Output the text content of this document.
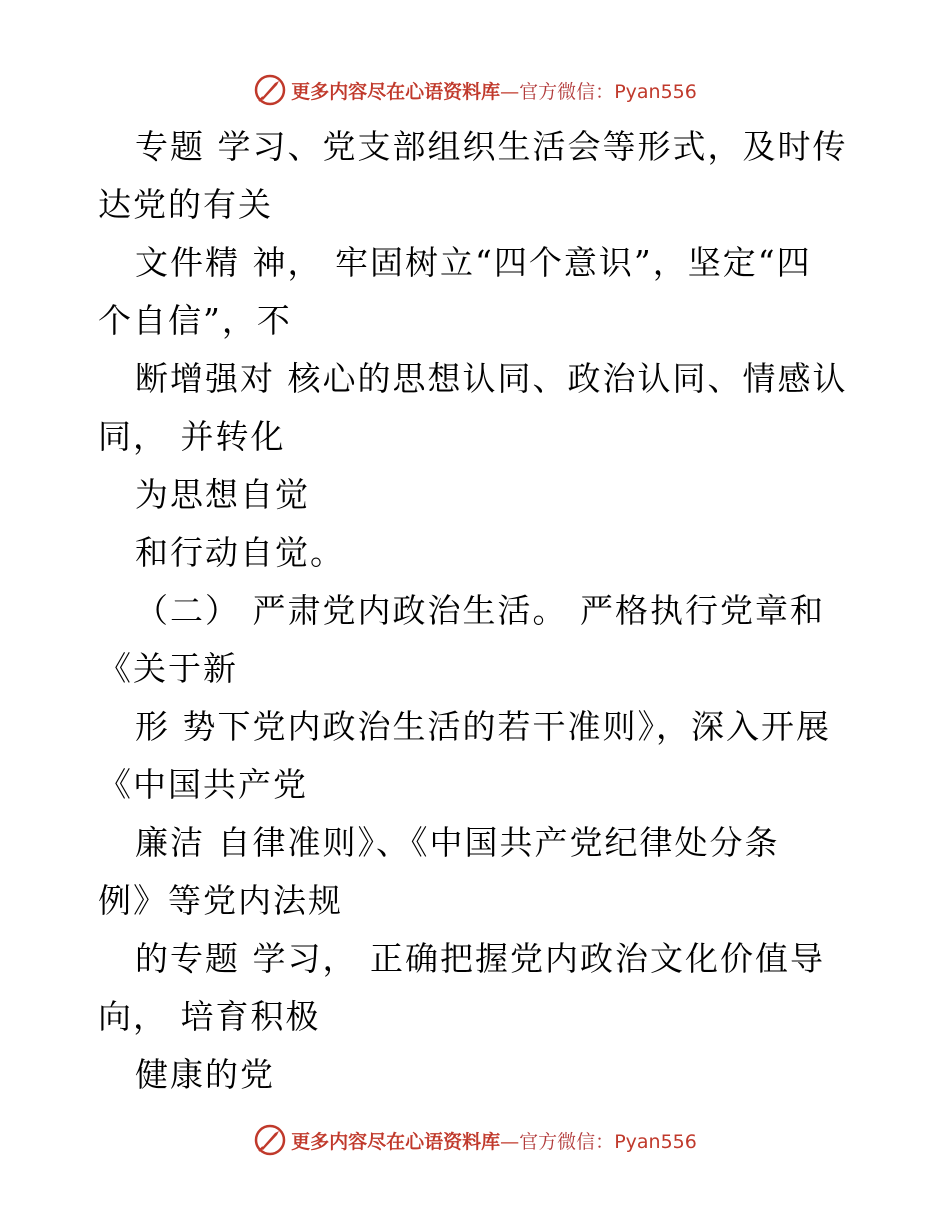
更多内容尽在心语资料库—官方微信：Pyan556
专题 学习、党支部组织生活会等形式，及时传
达党的有关
文件精 神， 牢固树立“四个意识”，坚定“四
个自信”，不
断增强对 核心的思想认同、政治认同、情感认
同， 并转化
为思想自觉
和行动自觉。
（二） 严肃党内政治生活。 严格执行党章和
《关于新
形 势下党内政治生活的若干准则》，深入开展
《中国共产党
廉洁 自律准则》、《中国共产党纪律处分条
例》等党内法规
的专题 学习， 正确把握党内政治文化价值导
向， 培育积极
健康的党
更多内容尽在心语资料库—官方微信：Pyan556
